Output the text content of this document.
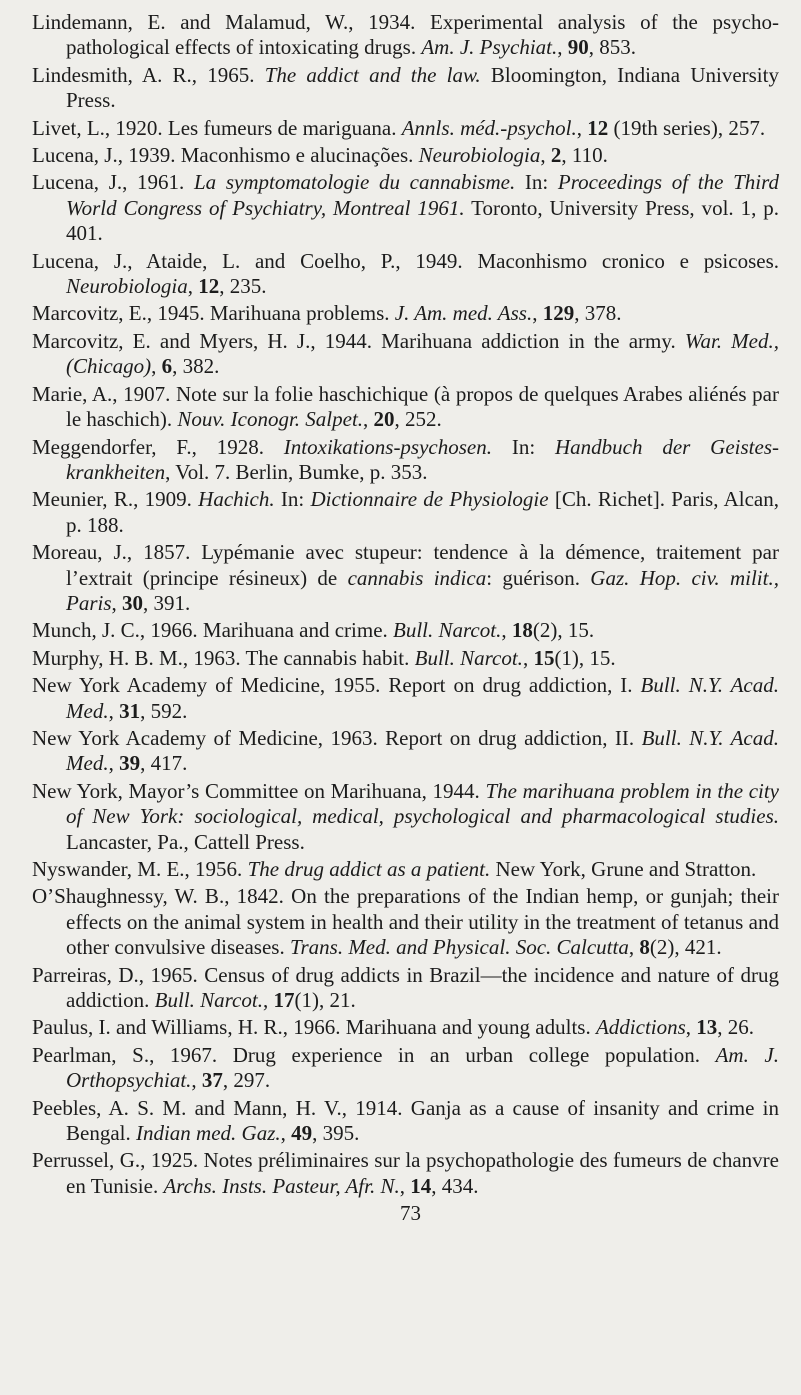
Lindemann, E. and Malamud, W., 1934. Experimental analysis of the psycho-pathological effects of intoxicating drugs. Am. J. Psychiat., 90, 853.
Lindesmith, A. R., 1965. The addict and the law. Bloomington, Indiana University Press.
Livet, L., 1920. Les fumeurs de mariguana. Annls. méd.-psychol., 12 (19th series), 257.
Lucena, J., 1939. Maconhismo e alucinações. Neurobiologia, 2, 110.
Lucena, J., 1961. La symptomatologie du cannabisme. In: Proceedings of the Third World Congress of Psychiatry, Montreal 1961. Toronto, University Press, vol. 1, p. 401.
Lucena, J., Ataide, L. and Coelho, P., 1949. Maconhismo cronico e psicoses. Neurobiologia, 12, 235.
Marcovitz, E., 1945. Marihuana problems. J. Am. med. Ass., 129, 378.
Marcovitz, E. and Myers, H. J., 1944. Marihuana addiction in the army. War. Med., (Chicago), 6, 382.
Marie, A., 1907. Note sur la folie haschichique (à propos de quelques Arabes aliénés par le haschich). Nouv. Iconogr. Salpet., 20, 252.
Meggendorfer, F., 1928. Intoxikations-psychosen. In: Handbuch der Geistes-krankheiten, Vol. 7. Berlin, Bumke, p. 353.
Meunier, R., 1909. Hachich. In: Dictionnaire de Physiologie [Ch. Richet]. Paris, Alcan, p. 188.
Moreau, J., 1857. Lypémanie avec stupeur: tendence à la démence, traitement par l’extrait (principe résineux) de cannabis indica: guérison. Gaz. Hop. civ. milit., Paris, 30, 391.
Munch, J. C., 1966. Marihuana and crime. Bull. Narcot., 18(2), 15.
Murphy, H. B. M., 1963. The cannabis habit. Bull. Narcot., 15(1), 15.
New York Academy of Medicine, 1955. Report on drug addiction, I. Bull. N.Y. Acad. Med., 31, 592.
New York Academy of Medicine, 1963. Report on drug addiction, II. Bull. N.Y. Acad. Med., 39, 417.
New York, Mayor’s Committee on Marihuana, 1944. The marihuana problem in the city of New York: sociological, medical, psychological and pharmacological studies. Lancaster, Pa., Cattell Press.
Nyswander, M. E., 1956. The drug addict as a patient. New York, Grune and Stratton.
O’Shaughnessy, W. B., 1842. On the preparations of the Indian hemp, or gunjah; their effects on the animal system in health and their utility in the treatment of tetanus and other convulsive diseases. Trans. Med. and Physical. Soc. Calcutta, 8(2), 421.
Parreiras, D., 1965. Census of drug addicts in Brazil—the incidence and nature of drug addiction. Bull. Narcot., 17(1), 21.
Paulus, I. and Williams, H. R., 1966. Marihuana and young adults. Addictions, 13, 26.
Pearlman, S., 1967. Drug experience in an urban college population. Am. J. Orthopsychiat., 37, 297.
Peebles, A. S. M. and Mann, H. V., 1914. Ganja as a cause of insanity and crime in Bengal. Indian med. Gaz., 49, 395.
Perrussel, G., 1925. Notes préliminaires sur la psychopathologie des fumeurs de chanvre en Tunisie. Archs. Insts. Pasteur, Afr. N., 14, 434.
73
